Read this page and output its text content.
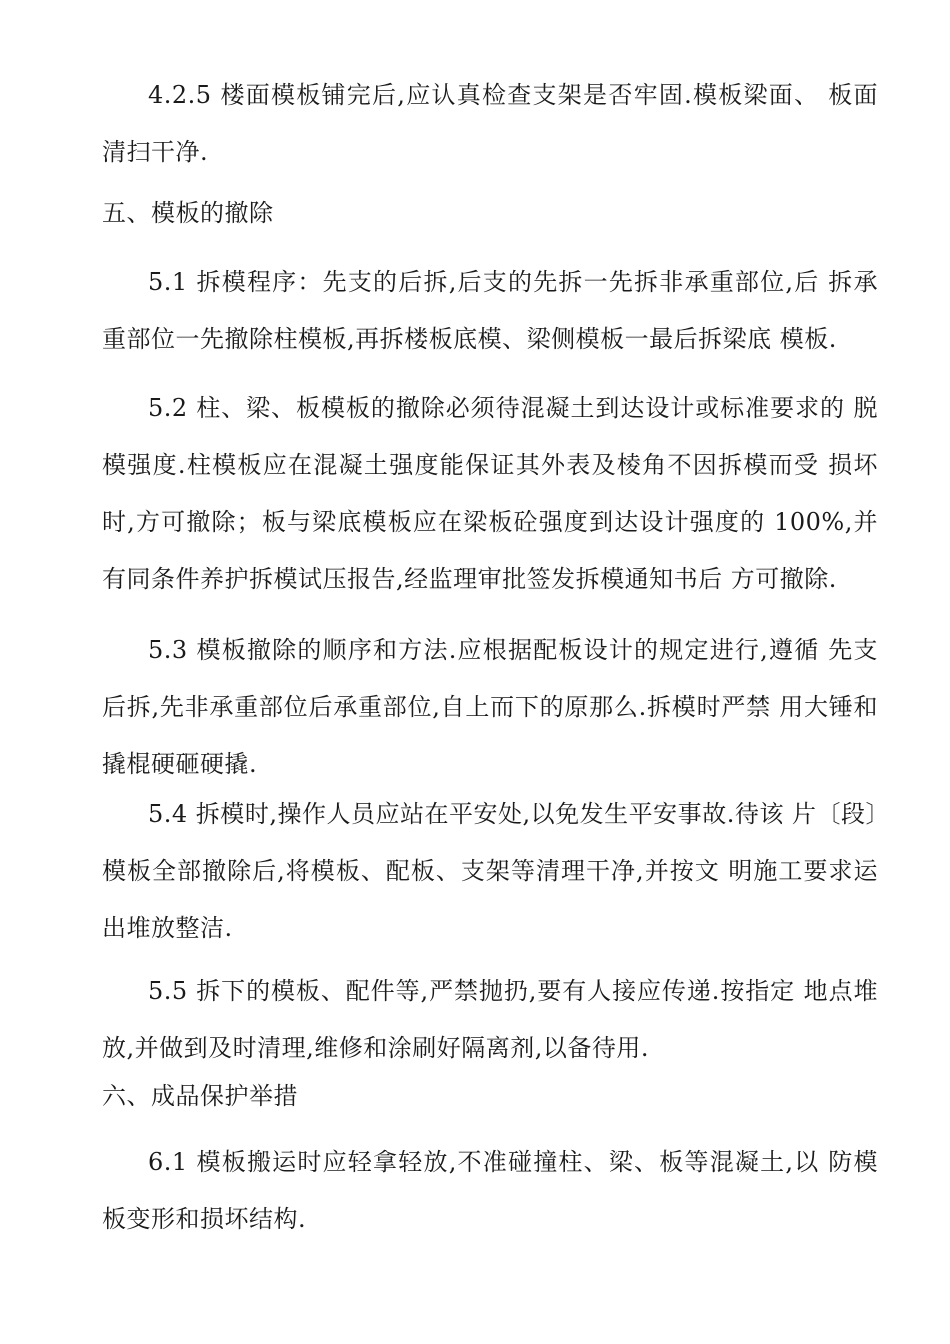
4.2.5 楼面模板铺完后,应认真检查支架是否牢固.模板梁面、 板面清扫干净.

五、模板的撤除

5.1 拆模程序：先支的后拆,后支的先拆一先拆非承重部位,后 拆承重部位一先撤除柱模板,再拆楼板底模、梁侧模板一最后拆梁底 模板.

5.2 柱、梁、板模板的撤除必须待混凝土到达设计或标准要求的 脱模强度.柱模板应在混凝土强度能保证其外表及棱角不因拆模而受 损坏时,方可撤除；板与梁底模板应在梁板砼强度到达设计强度的 100%,并有同条件养护拆模试压报告,经监理审批签发拆模通知书后 方可撤除.

5.3 模板撤除的顺序和方法.应根据配板设计的规定进行,遵循 先支后拆,先非承重部位后承重部位,自上而下的原那么.拆模时严禁 用大锤和撬棍硬砸硬撬.

5.4 拆模时,操作人员应站在平安处,以免发生平安事故.待该 片〔段〕模板全部撤除后,将模板、配板、支架等清理干净,并按文 明施工要求运出堆放整洁.

5.5 拆下的模板、配件等,严禁抛扔,要有人接应传递.按指定 地点堆放,并做到及时清理,维修和涂刷好隔离剂,以备待用.

六、成品保护举措

6.1 模板搬运时应轻拿轻放,不准碰撞柱、梁、板等混凝土,以 防模板变形和损坏结构.
